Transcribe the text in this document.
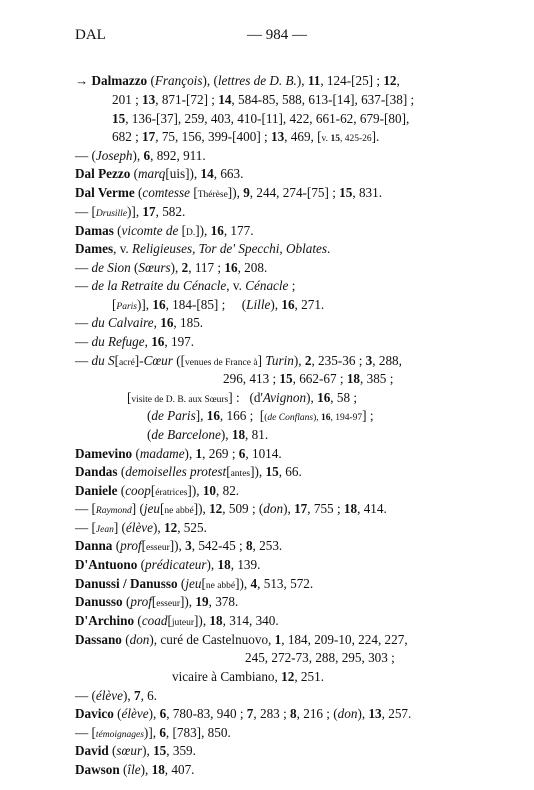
DAL	— 984 —
→ Dalmazzo (François), (lettres de D. B.), 11, 124-[25] ; 12,
201 ; 13, 871-[72] ; 14, 584-85, 588, 613-[14], 637-[38] ;
15, 136-[37], 259, 403, 410-[11], 422, 661-62, 679-[80],
682 ; 17, 75, 156, 399-[400] ; 13, 469, [v. 15, 425-26].
— (Joseph), 6, 892, 911.
Dal Pezzo (marq[uis]), 14, 663.
Dal Verme (comtesse [Thérèse]), 9, 244, 274-[75] ; 15, 831.
— [Drusille)], 17, 582.
Damas (vicomte de [D.]), 16, 177.
Dames, v. Religieuses, Tor de' Specchi, Oblates.
— de Sion (Sœurs), 2, 117 ; 16, 208.
— de la Retraite du Cénacle, v. Cénacle ;
[Paris)], 16, 184-[85] ;     (Lille), 16, 271.
— du Calvaire, 16, 185.
— du Refuge, 16, 197.
— du S[acré]-Cœur ([venues de France à] Turin), 2, 235-36 ; 3, 288,
296, 413 ; 15, 662-67 ; 18, 385 ;
[visite de D. B. aux Sœurs] :   (d'Avignon), 16, 58 ;
(de Paris], 16, 166 ;  [(de Conflans), 16, 194-97] ;
(de Barcelone), 18, 81.
Damevino (madame), 1, 269 ; 6, 1014.
Dandas (demoiselles protest[antes]), 15, 66.
Daniele (coop[ératrices]), 10, 82.
— [Raymond] (jeu[ne abbé]), 12, 509 ; (don), 17, 755 ; 18, 414.
— [Jean] (élève), 12, 525.
Danna (prof[esseur]), 3, 542-45 ; 8, 253.
D'Antuono (prédicateur), 18, 139.
Danussi / Danusso (jeu[ne abbé]), 4, 513, 572.
Danusso (prof[esseur]), 19, 378.
D'Archino (coad[juteur]), 18, 314, 340.
Dassano (don), curé de Castelnuovo, 1, 184, 209-10, 224, 227,
245, 272-73, 288, 295, 303 ;
vicaire à Cambiano, 12, 251.
— (élève), 7, 6.
Davico (élève), 6, 780-83, 940 ; 7, 283 ; 8, 216 ; (don), 13, 257.
— [témoignages)], 6, [783], 850.
David (sœur), 15, 359.
Dawson (île), 18, 407.
